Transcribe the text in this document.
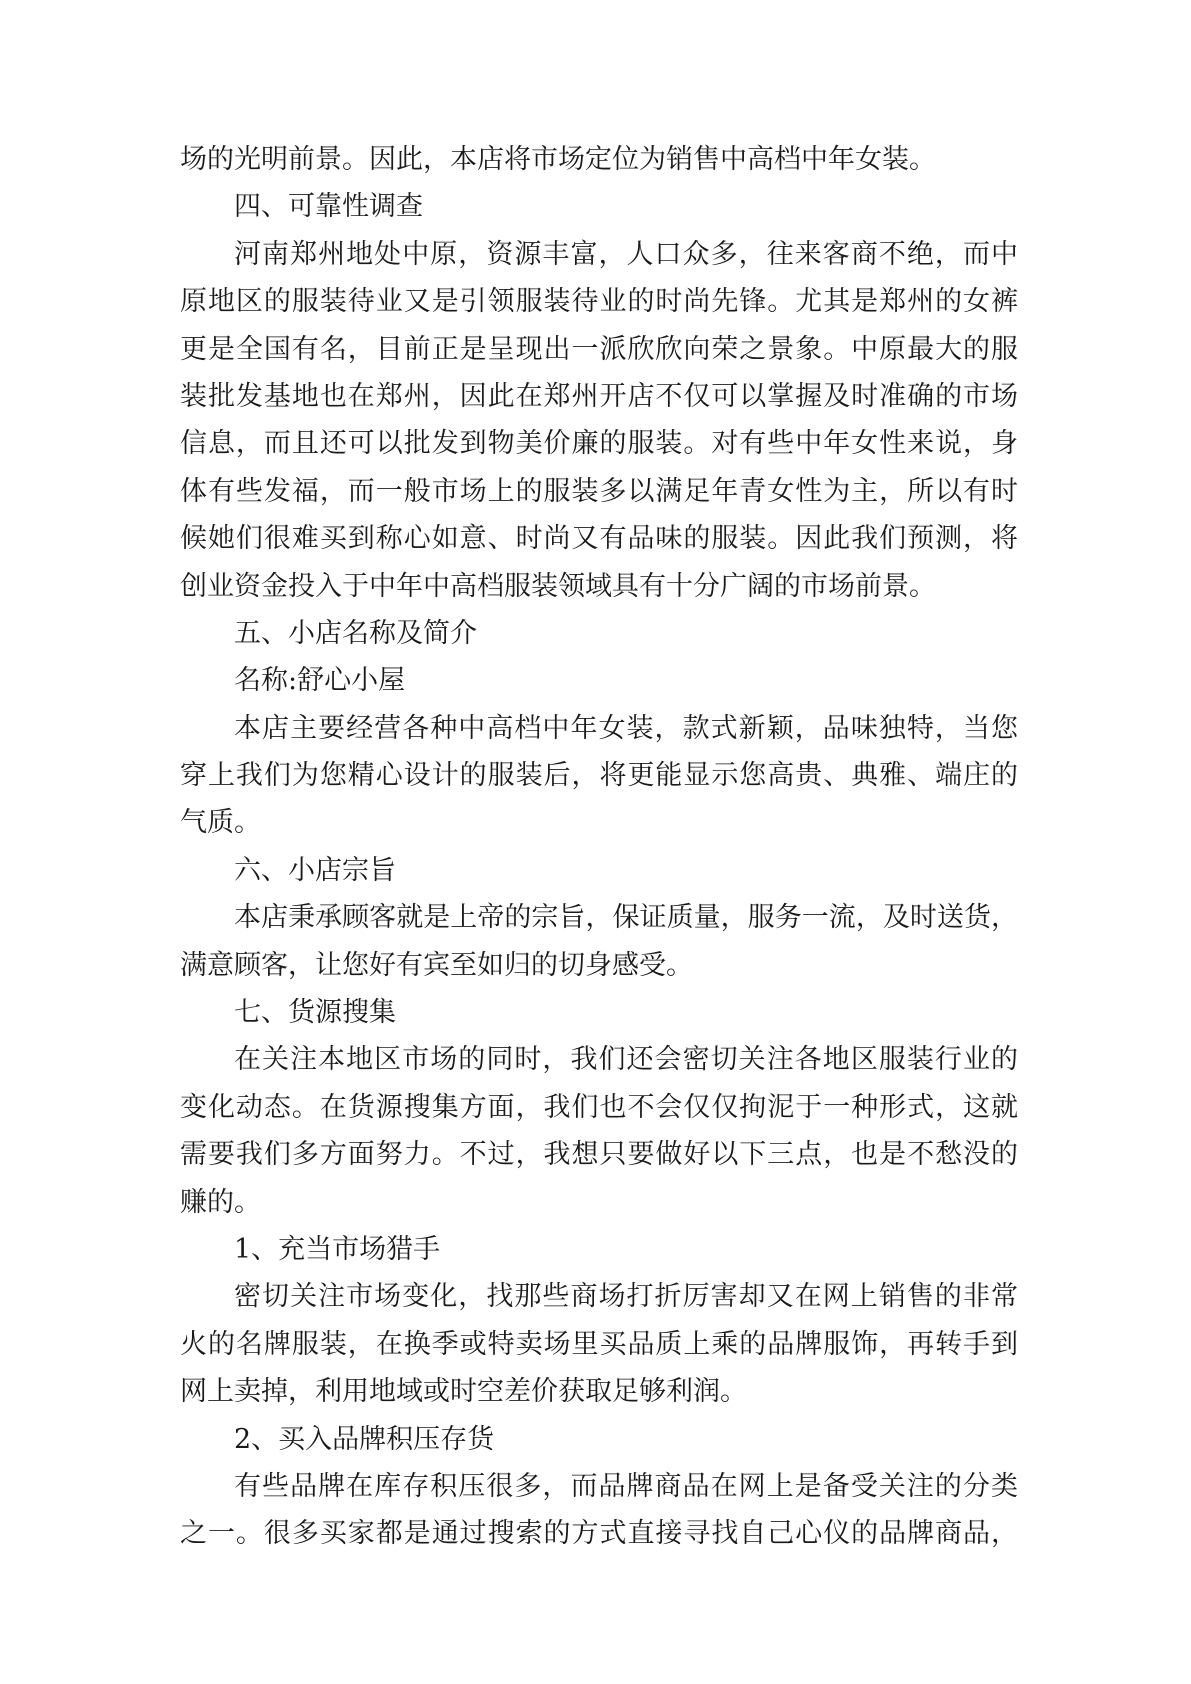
场的光明前景。因此，本店将市场定位为销售中高档中年女装。
四、可靠性调查
河南郑州地处中原，资源丰富，人口众多，往来客商不绝，而中
原地区的服装待业又是引领服装待业的时尚先锋。尤其是郑州的女裤
更是全国有名，目前正是呈现出一派欣欣向荣之景象。中原最大的服
装批发基地也在郑州，因此在郑州开店不仅可以掌握及时准确的市场
信息，而且还可以批发到物美价廉的服装。对有些中年女性来说，身
体有些发福，而一般市场上的服装多以满足年青女性为主，所以有时
候她们很难买到称心如意、时尚又有品味的服装。因此我们预测，将
创业资金投入于中年中高档服装领域具有十分广阔的市场前景。
五、小店名称及简介
名称:舒心小屋
本店主要经营各种中高档中年女装，款式新颖，品味独特，当您
穿上我们为您精心设计的服装后，将更能显示您高贵、典雅、端庄的
气质。
六、小店宗旨
本店秉承顾客就是上帝的宗旨，保证质量，服务一流，及时送货，
满意顾客，让您好有宾至如归的切身感受。
七、货源搜集
在关注本地区市场的同时，我们还会密切关注各地区服装行业的
变化动态。在货源搜集方面，我们也不会仅仅拘泥于一种形式，这就
需要我们多方面努力。不过，我想只要做好以下三点，也是不愁没的
赚的。
1、充当市场猎手
密切关注市场变化，找那些商场打折厉害却又在网上销售的非常
火的名牌服装，在换季或特卖场里买品质上乘的品牌服饰，再转手到
网上卖掉，利用地域或时空差价获取足够利润。
2、买入品牌积压存货
有些品牌在库存积压很多，而品牌商品在网上是备受关注的分类
之一。很多买家都是通过搜索的方式直接寻找自己心仪的品牌商品，
